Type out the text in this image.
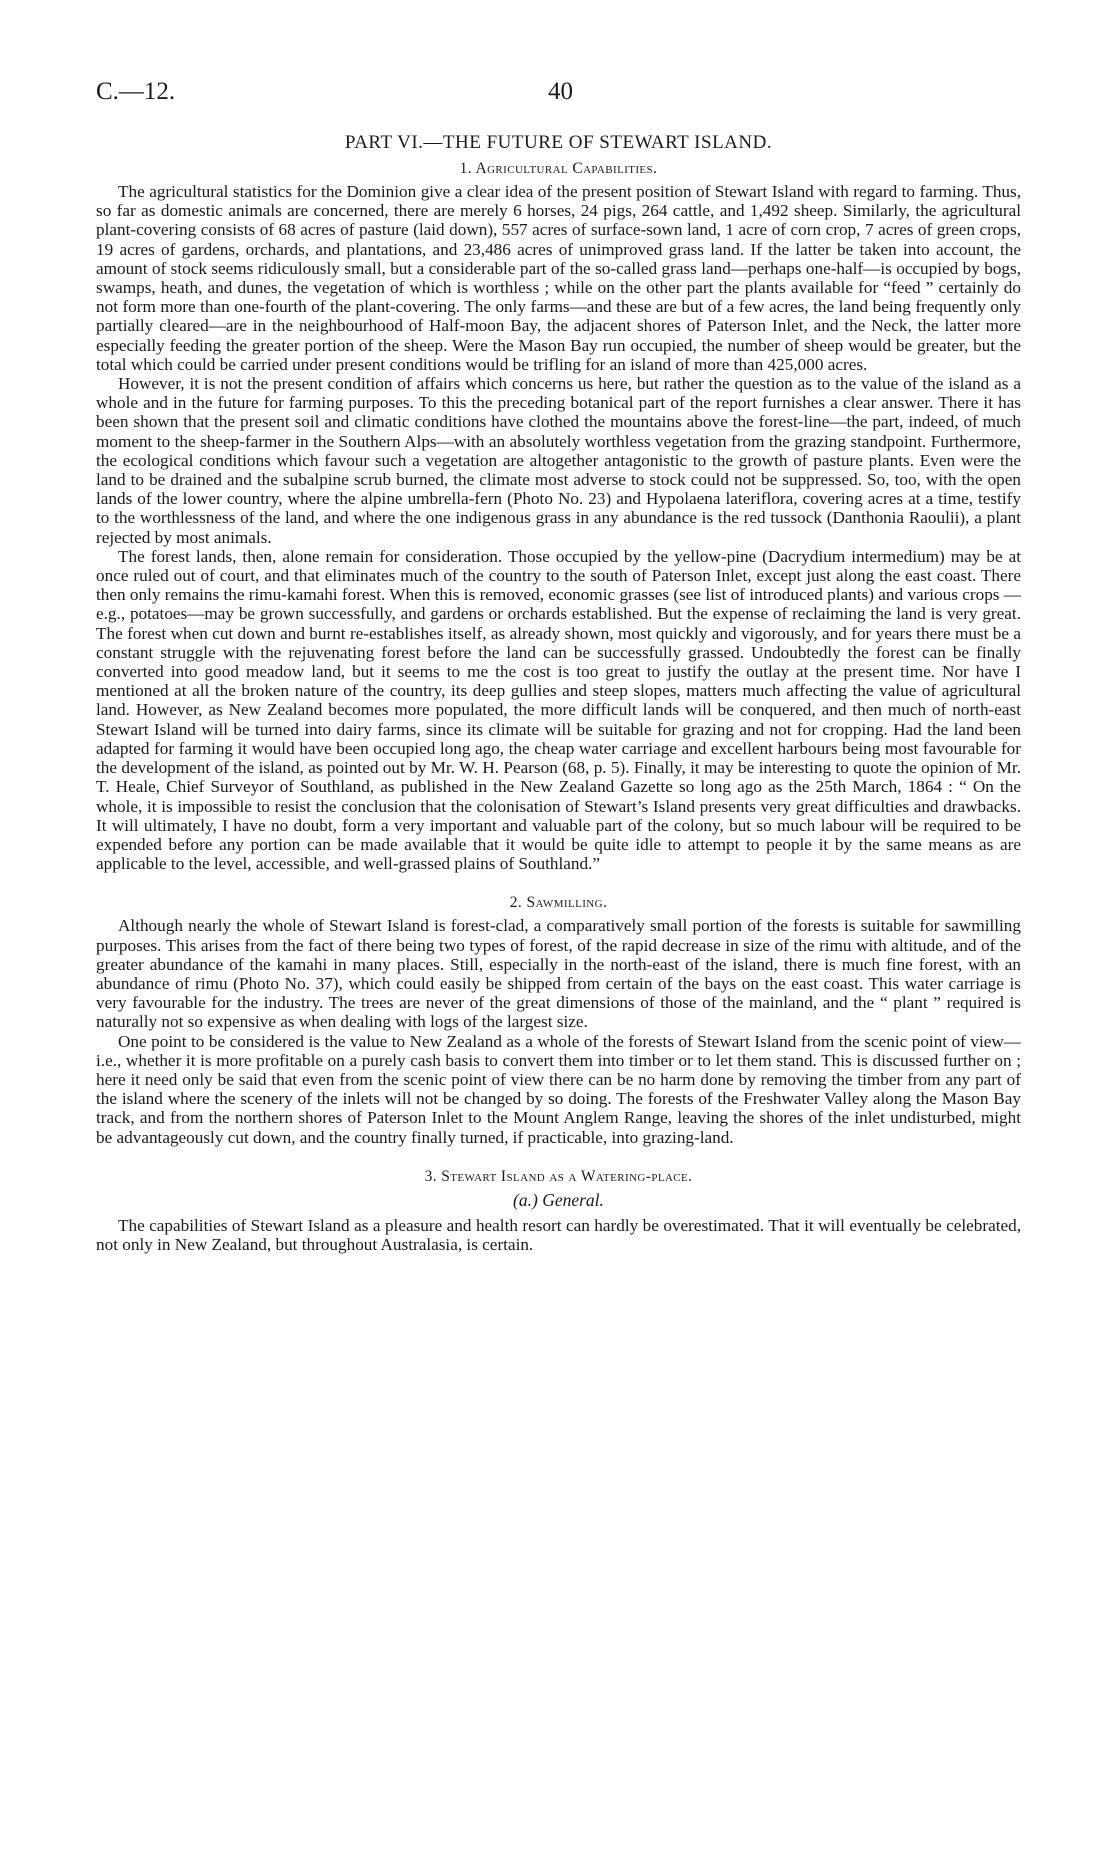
C.—12.	40
PART VI.—THE FUTURE OF STEWART ISLAND.
1. Agricultural Capabilities.

The agricultural statistics for the Dominion give a clear idea of the present position of Stewart Island with regard to farming. Thus, so far as domestic animals are concerned, there are merely 6 horses, 24 pigs, 264 cattle, and 1,492 sheep. Similarly, the agricultural plant-covering consists of 68 acres of pasture (laid down), 557 acres of surface-sown land, 1 acre of corn crop, 7 acres of green crops, 19 acres of gardens, orchards, and plantations, and 23,486 acres of unimproved grass land. If the latter be taken into account, the amount of stock seems ridiculously small, but a considerable part of the so-called grass land—perhaps one-half—is occupied by bogs, swamps, heath, and dunes, the vegetation of which is worthless ; while on the other part the plants available for “feed ” certainly do not form more than one-fourth of the plant-covering. The only farms—and these are but of a few acres, the land being frequently only partially cleared—are in the neighbourhood of Half-moon Bay, the adjacent shores of Paterson Inlet, and the Neck, the latter more especially feeding the greater portion of the sheep. Were the Mason Bay run occupied, the number of sheep would be greater, but the total which could be carried under present conditions would be trifling for an island of more than 425,000 acres.

However, it is not the present condition of affairs which concerns us here, but rather the question as to the value of the island as a whole and in the future for farming purposes. To this the preceding botanical part of the report furnishes a clear answer. There it has been shown that the present soil and climatic conditions have clothed the mountains above the forest-line—the part, indeed, of much moment to the sheep-farmer in the Southern Alps—with an absolutely worthless vegetation from the grazing standpoint. Furthermore, the ecological conditions which favour such a vegetation are altogether antagonistic to the growth of pasture plants. Even were the land to be drained and the subalpine scrub burned, the climate most adverse to stock could not be suppressed. So, too, with the open lands of the lower country, where the alpine umbrella-fern (Photo No. 23) and Hypolaena lateriflora, covering acres at a time, testify to the worthlessness of the land, and where the one indigenous grass in any abundance is the red tussock (Danthonia Raoulii), a plant rejected by most animals.

The forest lands, then, alone remain for consideration. Those occupied by the yellow-pine (Dacrydium intermedium) may be at once ruled out of court, and that eliminates much of the country to the south of Paterson Inlet, except just along the east coast. There then only remains the rimu-kamahi forest. When this is removed, economic grasses (see list of introduced plants) and various crops —e.g., potatoes—may be grown successfully, and gardens or orchards established. But the expense of reclaiming the land is very great. The forest when cut down and burnt re-establishes itself, as already shown, most quickly and vigorously, and for years there must be a constant struggle with the rejuvenating forest before the land can be successfully grassed. Undoubtedly the forest can be finally converted into good meadow land, but it seems to me the cost is too great to justify the outlay at the present time. Nor have I mentioned at all the broken nature of the country, its deep gullies and steep slopes, matters much affecting the value of agricultural land. However, as New Zealand becomes more populated, the more difficult lands will be conquered, and then much of north-east Stewart Island will be turned into dairy farms, since its climate will be suitable for grazing and not for cropping. Had the land been adapted for farming it would have been occupied long ago, the cheap water carriage and excellent harbours being most favourable for the development of the island, as pointed out by Mr. W. H. Pearson (68, p. 5). Finally, it may be interesting to quote the opinion of Mr. T. Heale, Chief Surveyor of Southland, as published in the New Zealand Gazette so long ago as the 25th March, 1864 : “ On the whole, it is impossible to resist the conclusion that the colonisation of Stewart’s Island presents very great difficulties and drawbacks. It will ultimately, I have no doubt, form a very important and valuable part of the colony, but so much labour will be required to be expended before any portion can be made available that it would be quite idle to attempt to people it by the same means as are applicable to the level, accessible, and well-grassed plains of Southland.”

2. Sawmilling.

Although nearly the whole of Stewart Island is forest-clad, a comparatively small portion of the forests is suitable for sawmilling purposes. This arises from the fact of there being two types of forest, of the rapid decrease in size of the rimu with altitude, and of the greater abundance of the kamahi in many places. Still, especially in the north-east of the island, there is much fine forest, with an abundance of rimu (Photo No. 37), which could easily be shipped from certain of the bays on the east coast. This water carriage is very favourable for the industry. The trees are never of the great dimensions of those of the mainland, and the “ plant ” required is naturally not so expensive as when dealing with logs of the largest size.

One point to be considered is the value to New Zealand as a whole of the forests of Stewart Island from the scenic point of view—i.e., whether it is more profitable on a purely cash basis to convert them into timber or to let them stand. This is discussed further on ; here it need only be said that even from the scenic point of view there can be no harm done by removing the timber from any part of the island where the scenery of the inlets will not be changed by so doing. The forests of the Freshwater Valley along the Mason Bay track, and from the northern shores of Paterson Inlet to the Mount Anglem Range, leaving the shores of the inlet undisturbed, might be advantageously cut down, and the country finally turned, if practicable, into grazing-land.

3. Stewart Island as a Watering-place.
(a.) General.

The capabilities of Stewart Island as a pleasure and health resort can hardly be overestimated. That it will eventually be celebrated, not only in New Zealand, but throughout Australasia, is certain.
